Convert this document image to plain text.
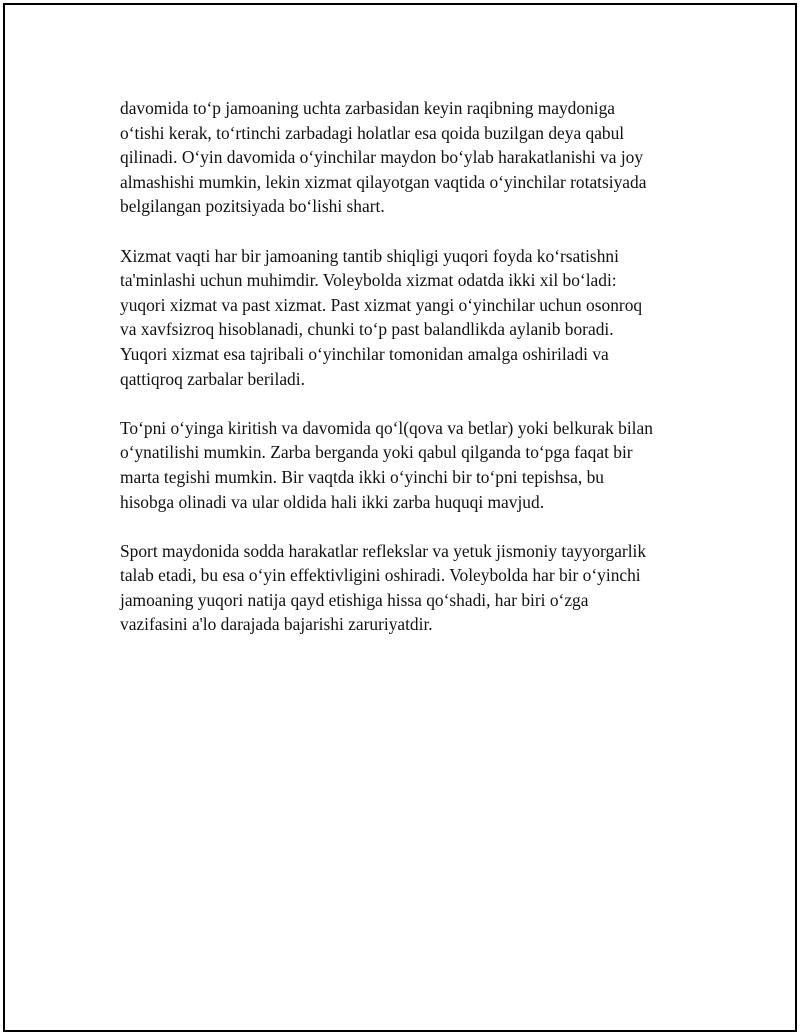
davomida to‘p jamoaning uchta zarbasidan keyin raqibning maydoniga
o‘tishi kerak, to‘rtinchi zarbadagi holatlar esa qoida buzilgan deya qabul
qilinadi. O‘yin davomida o‘yinchilar maydon bo‘ylab harakatlanishi va joy
almashishi mumkin, lekin xizmat qilayotgan vaqtida o‘yinchilar rotatsiyada
belgilangan pozitsiyada bo‘lishi shart.

Xizmat vaqti har bir jamoaning tantib shiqligi yuqori foyda ko‘rsatishni
ta'minlashi uchun muhimdir. Voleybolda xizmat odatda ikki xil bo‘ladi:
yuqori xizmat va past xizmat. Past xizmat yangi o‘yinchilar uchun osonroq
va xavfsizroq hisoblanadi, chunki to‘p past balandlikda aylanib boradi.
Yuqori xizmat esa tajribali o‘yinchilar tomonidan amalga oshiriladi va
qattiqroq zarbalar beriladi.

To‘pni o‘yinga kiritish va davomida qo‘l(qova va betlar) yoki belkurak bilan
o‘ynatilishi mumkin. Zarba berganda yoki qabul qilganda to‘pga faqat bir
marta tegishi mumkin. Bir vaqtda ikki o‘yinchi bir to‘pni tepishsa, bu
hisobga olinadi va ular oldida hali ikki zarba huquqi mavjud.

Sport maydonida sodda harakatlar reflekslar va yetuk jismoniy tayyorgarlik
talab etadi, bu esa o‘yin effektivligini oshiradi. Voleybolda har bir o‘yinchi
jamoaning yuqori natija qayd etishiga hissa qo‘shadi, har biri o‘zga
vazifasini a'lo darajada bajarishi zaruriyatdir.
